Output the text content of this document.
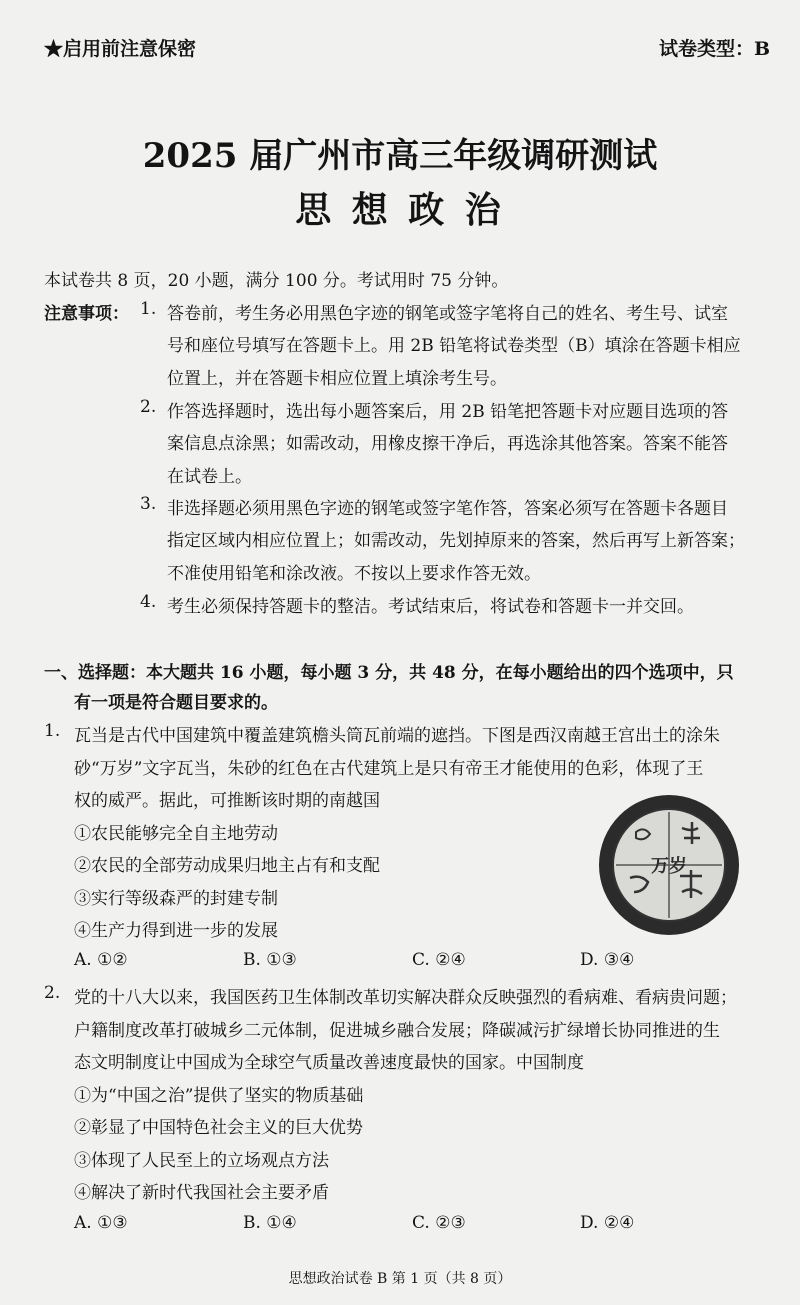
★启用前注意保密	试卷类型：B
2025 届广州市高三年级调研测试
思 想 政 治
本试卷共 8 页，20 小题，满分 100 分。考试用时 75 分钟。
注意事项： 1. 答卷前，考生务必用黑色字迹的钢笔或签字笔将自己的姓名、考生号、试室
号和座位号填写在答题卡上。用 2B 铅笔将试卷类型（B）填涂在答题卡相应
位置上，并在答题卡相应位置上填涂考生号。
2. 作答选择题时，选出每小题答案后，用 2B 铅笔把答题卡对应题目选项的答
案信息点涂黑；如需改动，用橡皮擦干净后，再选涂其他答案。答案不能答
在试卷上。
3. 非选择题必须用黑色字迹的钢笔或签字笔作答，答案必须写在答题卡各题目
指定区域内相应位置上；如需改动，先划掉原来的答案，然后再写上新答案；
不准使用铅笔和涂改液。不按以上要求作答无效。
4. 考生必须保持答题卡的整洁。考试结束后，将试卷和答题卡一并交回。
一、选择题：本大题共 16 小题，每小题 3 分，共 48 分，在每小题给出的四个选项中，只
有一项是符合题目要求的。
1. 瓦当是古代中国建筑中覆盖建筑檐头筒瓦前端的遮挡。下图是西汉南越王宫出土的涂朱
砂“万岁”文字瓦当，朱砂的红色在古代建筑上是只有帝王才能使用的色彩，体现了王
权的威严。据此，可推断该时期的南越国
①农民能够完全自主地劳动
②农民的全部劳动成果归地主占有和支配
③实行等级森严的封建专制
④生产力得到进一步的发展
A. ①②	B. ①③	C. ②④	D. ③④
万岁
2. 党的十八大以来，我国医药卫生体制改革切实解决群众反映强烈的看病难、看病贵问题；
户籍制度改革打破城乡二元体制，促进城乡融合发展；降碳减污扩绿增长协同推进的生
态文明制度让中国成为全球空气质量改善速度最快的国家。中国制度
①为“中国之治”提供了坚实的物质基础
②彰显了中国特色社会主义的巨大优势
③体现了人民至上的立场观点方法
④解决了新时代我国社会主要矛盾
A. ①③	B. ①④	C. ②③	D. ②④
思想政治试卷 B 第 1 页（共 8 页）
